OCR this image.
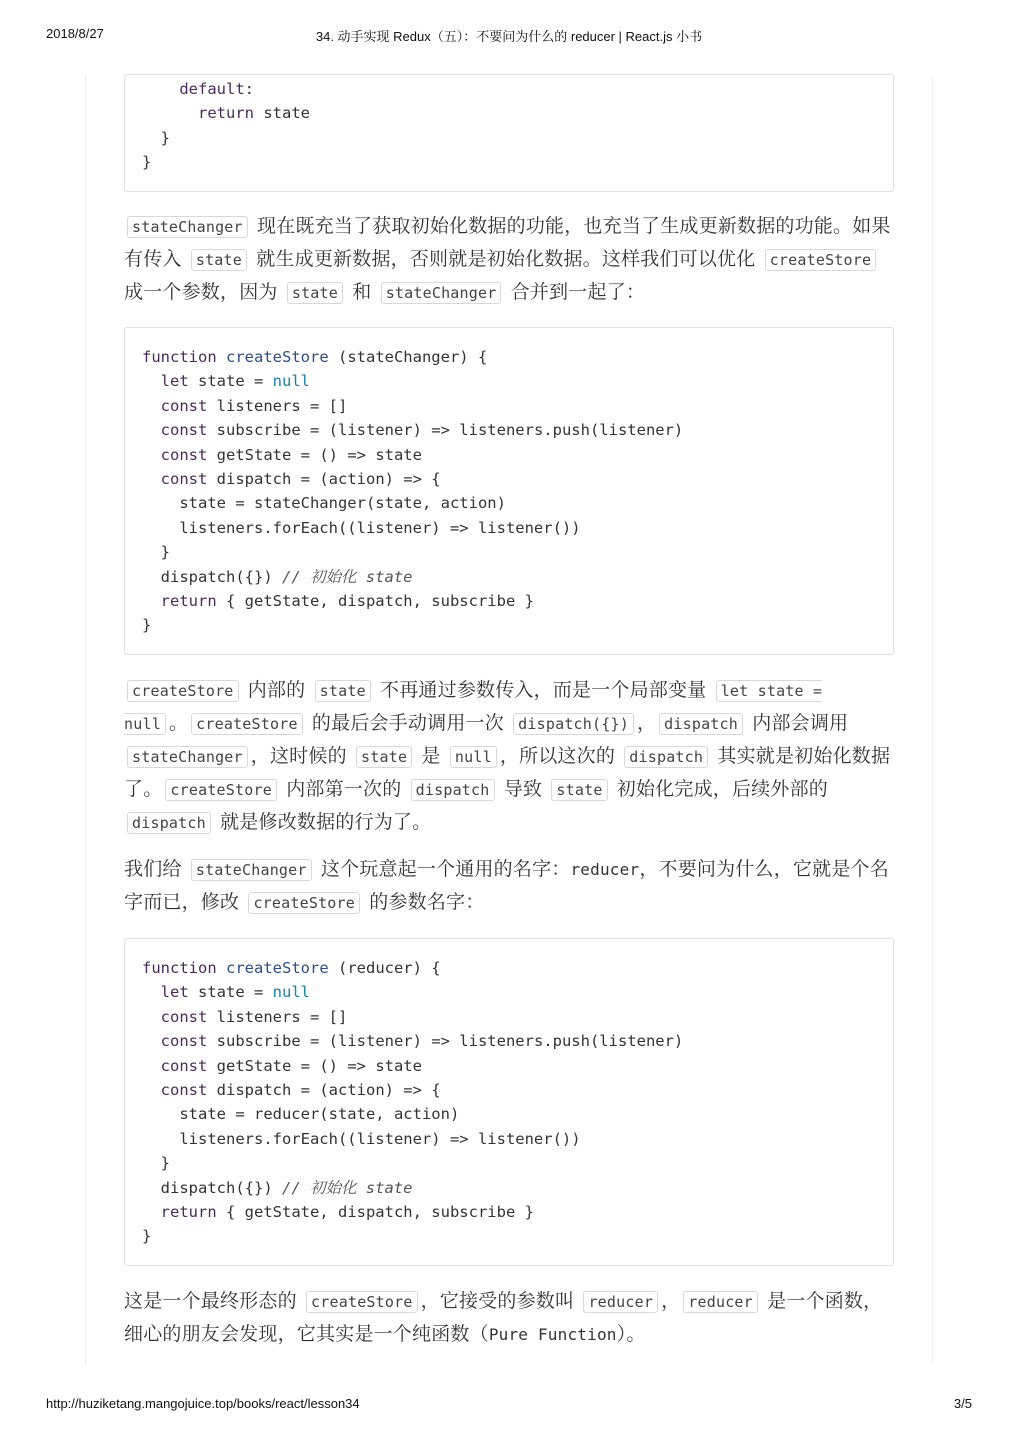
2018/8/27	34. 动手实现 Redux（五）：不要问为什么的 reducer | React.js 小书
default:
return state
}
}
stateChanger 现在既充当了获取初始化数据的功能，也充当了生成更新数据的功能。如果有传入 state 就生成更新数据，否则就是初始化数据。这样我们可以优化 createStore 成一个参数，因为 state 和 stateChanger 合并到一起了：
function createStore (stateChanger) {
let state = null
const listeners = []
const subscribe = (listener) => listeners.push(listener)
const getState = () => state
const dispatch = (action) => {
state = stateChanger(state, action)
listeners.forEach((listener) => listener())
}
dispatch({}) // 初始化 state
return { getState, dispatch, subscribe }
}
createStore 内部的 state 不再通过参数传入，而是一个局部变量 let state = null 。 createStore 的最后会手动调用一次 dispatch({}) ， dispatch 内部会调用 stateChanger ，这时候的 state 是 null ，所以这次的 dispatch 其实就是初始化数据了。 createStore 内部第一次的 dispatch 导致 state 初始化完成，后续外部的 dispatch 就是修改数据的行为了。
我们给 stateChanger 这个玩意起一个通用的名字：reducer，不要问为什么，它就是个名字而已，修改 createStore 的参数名字：
function createStore (reducer) {
let state = null
const listeners = []
const subscribe = (listener) => listeners.push(listener)
const getState = () => state
const dispatch = (action) => {
state = reducer(state, action)
listeners.forEach((listener) => listener())
}
dispatch({}) // 初始化 state
return { getState, dispatch, subscribe }
}
这是一个最终形态的 createStore ，它接受的参数叫 reducer ， reducer 是一个函数，细心的朋友会发现，它其实是一个纯函数（Pure Function）。
http://huziketang.mangojuice.top/books/react/lesson34	3/5
